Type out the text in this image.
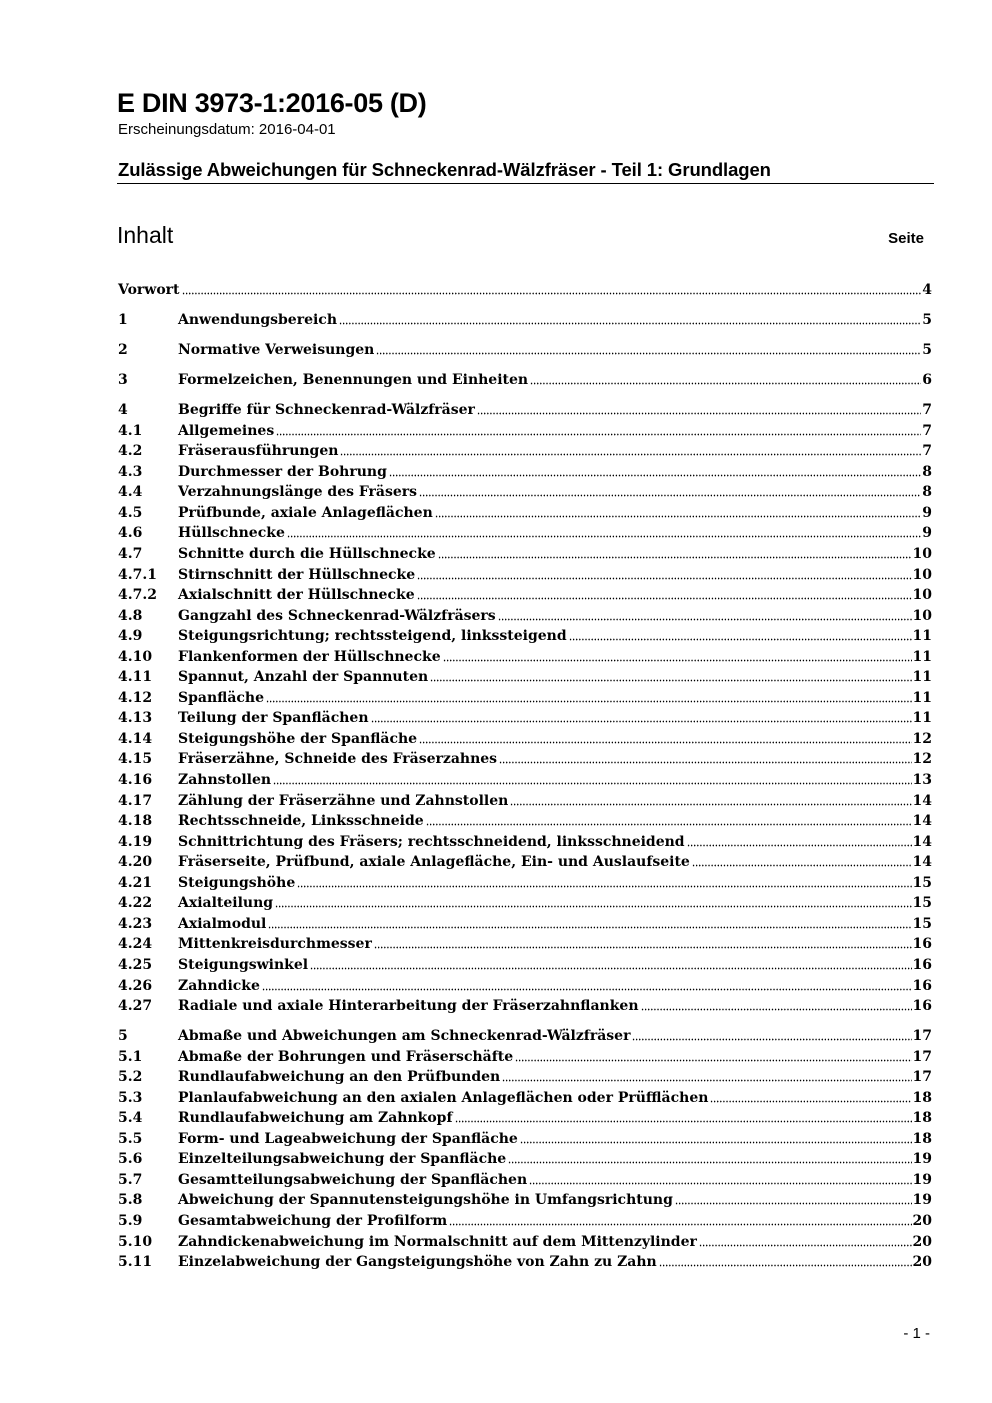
E DIN 3973-1:2016-05 (D)
Erscheinungsdatum: 2016-04-01
Zulässige Abweichungen für Schneckenrad-Wälzfräser - Teil 1: Grundlagen
Inhalt	Seite
Vorwort	4
1	Anwendungsbereich	5
2	Normative Verweisungen	5
3	Formelzeichen, Benennungen und Einheiten	6
4	Begriffe für Schneckenrad-Wälzfräser	7
4.1	Allgemeines	7
4.2	Fräserausführungen	7
4.3	Durchmesser der Bohrung	8
4.4	Verzahnungslänge des Fräsers	8
4.5	Prüfbunde, axiale Anlageflächen	9
4.6	Hüllschnecke	9
4.7	Schnitte durch die Hüllschnecke	10
4.7.1	Stirnschnitt der Hüllschnecke	10
4.7.2	Axialschnitt der Hüllschnecke	10
4.8	Gangzahl des Schneckenrad-Wälzfräsers	10
4.9	Steigungsrichtung; rechtssteigend, linkssteigend	11
4.10	Flankenformen der Hüllschnecke	11
4.11	Spannut, Anzahl der Spannuten	11
4.12	Spanfläche	11
4.13	Teilung der Spanflächen	11
4.14	Steigungshöhe der Spanfläche	12
4.15	Fräserzähne, Schneide des Fräserzahnes	12
4.16	Zahnstollen	13
4.17	Zählung der Fräserzähne und Zahnstollen	14
4.18	Rechtsschneide, Linksschneide	14
4.19	Schnittrichtung des Fräsers; rechtsschneidend, linksschneidend	14
4.20	Fräserseite, Prüfbund, axiale Anlagefläche, Ein- und Auslaufseite	14
4.21	Steigungshöhe	15
4.22	Axialteilung	15
4.23	Axialmodul	15
4.24	Mittenkreisdurchmesser	16
4.25	Steigungswinkel	16
4.26	Zahndicke	16
4.27	Radiale und axiale Hinterarbeitung der Fräserzahnflanken	16
5	Abmaße und Abweichungen am Schneckenrad-Wälzfräser	17
5.1	Abmaße der Bohrungen und Fräserschäfte	17
5.2	Rundlaufabweichung an den Prüfbunden	17
5.3	Planlaufabweichung an den axialen Anlageflächen oder Prüfflächen	18
5.4	Rundlaufabweichung am Zahnkopf	18
5.5	Form- und Lageabweichung der Spanfläche	18
5.6	Einzelteilungsabweichung der Spanfläche	19
5.7	Gesamtteilungsabweichung der Spanflächen	19
5.8	Abweichung der Spannutensteigungshöhe in Umfangsrichtung	19
5.9	Gesamtabweichung der Profilform	20
5.10	Zahndickenabweichung im Normalschnitt auf dem Mittenzylinder	20
5.11	Einzelabweichung der Gangsteigungshöhe von Zahn zu Zahn	20
- 1 -
